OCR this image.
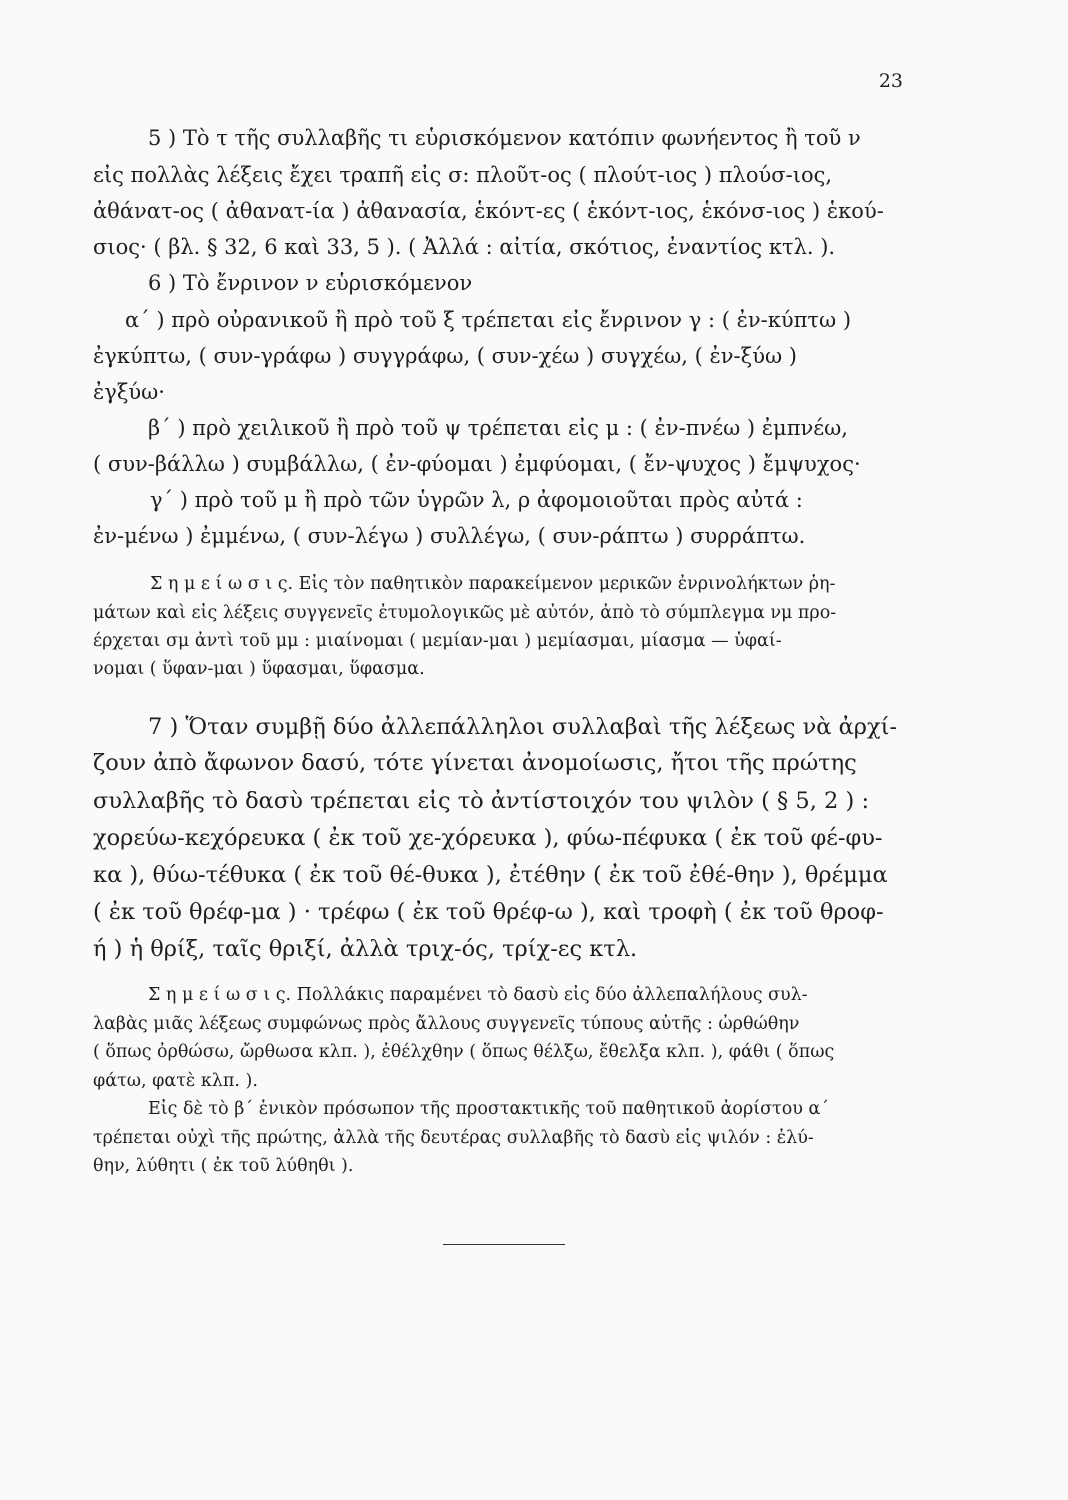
23
5 ) Τὸ τ τῆς συλλαβῆς τι εὑρισκόμενον κατόπιν φωνήεντος ἢ τοῦ ν
εἰς πολλὰς λέξεις ἔχει τραπῆ εἰς σ: πλοῦτ-ος ( πλούτ-ιος ) πλούσ-ιος,
ἀθάνατ-ος ( ἀθανατ-ία ) ἀθανασία, ἑκόντ-ες ( ἑκόντ-ιος, ἑκόνσ-ιος ) ἑκού-
σιος· ( βλ. § 32, 6 καὶ 33, 5 ). ( Ἀλλά : αἰτία, σκότιος, ἐναντίος κτλ. ).
6 ) Τὸ ἔνρινον ν εὑρισκόμενον
α΄ ) πρὸ οὐρανικοῦ ἢ πρὸ τοῦ ξ τρέπεται εἰς ἔνρινον γ : ( ἐν-κύπτω )
ἐγκύπτω, ( συν-γράφω ) συγγράφω, ( συν-χέω ) συγχέω, ( ἐν-ξύω )
ἐγξύω·
β΄ ) πρὸ χειλικοῦ ἢ πρὸ τοῦ ψ τρέπεται εἰς μ : ( ἐν-πνέω ) ἐμπνέω,
( συν-βάλλω ) συμβάλλω, ( ἐν-φύομαι ) ἐμφύομαι, ( ἔν-ψυχος ) ἔμψυχος·
γ΄ ) πρὸ τοῦ μ ἢ πρὸ τῶν ὑγρῶν λ, ρ ἀφομοιοῦται πρὸς αὐτά :
ἐν-μένω ) ἐμμένω, ( συν-λέγω ) συλλέγω, ( συν-ράπτω ) συρράπτω.
Σ η μ ε ί ω σ ι ς. Εἰς τὸν παθητικὸν παρακείμενον μερικῶν ἐνρινολήκτων ῥη-
μάτων καὶ εἰς λέξεις συγγενεῖς ἐτυμολογικῶς μὲ αὐτόν, ἀπὸ τὸ σύμπλεγμα νμ προ-
έρχεται σμ ἀντὶ τοῦ μμ : μιαίνομαι ( μεμίαν-μαι ) μεμίασμαι, μίασμα — ὑφαί-
νομαι ( ὕφαν-μαι ) ὕφασμαι, ὕφασμα.
7 ) Ὅταν συμβῇ δύο ἀλλεπάλληλοι συλλαβαὶ τῆς λέξεως νὰ ἀρχί-
ζουν ἀπὸ ἄφωνον δασύ, τότε γίνεται ἀνομοίωσις, ἤτοι τῆς πρώτης
συλλαβῆς τὸ δασὺ τρέπεται εἰς τὸ ἀντίστοιχόν του ψιλὸν ( § 5, 2 ) :
χορεύω-κεχόρευκα ( ἐκ τοῦ χε-χόρευκα ), φύω-πέφυκα ( ἐκ τοῦ φέ-φυ-
κα ), θύω-τέθυκα ( ἐκ τοῦ θέ-θυκα ), ἐτέθην ( ἐκ τοῦ ἐθέ-θην ), θρέμμα
( ἐκ τοῦ θρέφ-μα ) · τρέφω ( ἐκ τοῦ θρέφ-ω ), καὶ τροφὴ ( ἐκ τοῦ θροφ-
ή ) ἡ θρίξ, ταῖς θριξί, ἀλλὰ τριχ-ός, τρίχ-ες κτλ.
Σ η μ ε ί ω σ ι ς. Πολλάκις παραμένει τὸ δασὺ εἰς δύο ἀλλεπαλήλους συλ-
λαβὰς μιᾶς λέξεως συμφώνως πρὸς ἄλλους συγγενεῖς τύπους αὐτῆς : ὠρθώθην
( ὅπως ὀρθώσω, ὤρθωσα κλπ. ), ἐθέλχθην ( ὅπως θέλξω, ἔθελξα κλπ. ), φάθι ( ὅπως
φάτω, φατὲ κλπ. ).
Εἰς δὲ τὸ β΄ ἑνικὸν πρόσωπον τῆς προστακτικῆς τοῦ παθητικοῦ ἀορίστου α΄
τρέπεται οὐχὶ τῆς πρώτης, ἀλλὰ τῆς δευτέρας συλλαβῆς τὸ δασὺ εἰς ψιλόν : ἐλύ-
θην, λύθητι ( ἐκ τοῦ λύθηθι ).
